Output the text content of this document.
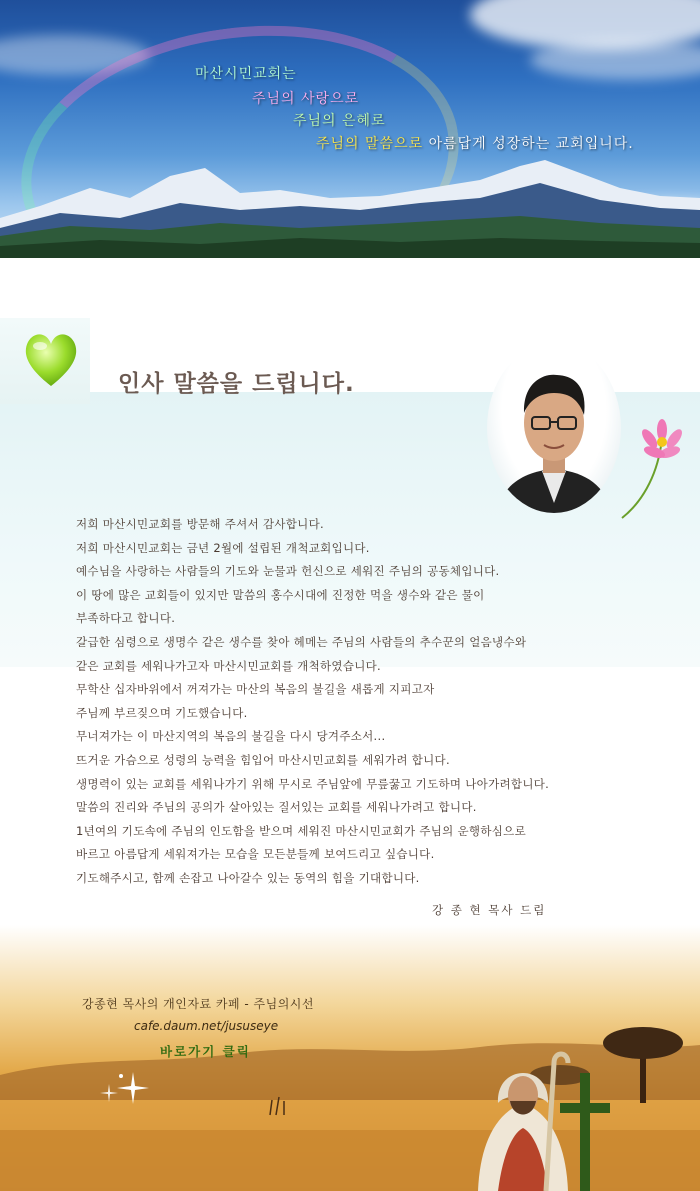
마산시민교회는
주님의 사랑으로
주님의 은혜로
주님의 말씀으로 아름답게 성장하는 교회입니다.
인사 말씀을 드립니다.
저희 마산시민교회를 방문해 주셔서 감사합니다.
저희 마산시민교회는 금년 2월에 설립된 개척교회입니다.
예수님을 사랑하는 사람들의 기도와 눈물과 헌신으로 세워진 주님의 공동체입니다.
이 땅에 많은 교회들이 있지만 말씀의 홍수시대에 진정한 먹을 생수와 같은 물이
부족하다고 합니다.
갈급한 심령으로 생명수 같은 생수를 찾아 헤메는 주님의 사람들의 추수꾼의 얼음냉수와
같은 교회를 세워나가고자 마산시민교회를 개척하였습니다.
무학산 십자바위에서 꺼져가는 마산의 복음의 불길을 새롭게 지피고자
주님께 부르짖으며 기도했습니다.
무너져가는 이 마산지역의 복음의 불길을 다시 당겨주소서...
뜨거운 가슴으로 성령의 능력을 힘입어 마산시민교회를 세워가려 합니다.
생명력이 있는 교회를 세워나가기 위해 무시로 주님앞에 무릎꿇고 기도하며 나아가려합니다.
말씀의 진리와 주님의 공의가 살아있는 질서있는 교회를 세워나가려고 합니다.
1년여의 기도속에 주님의 인도함을 받으며 세워진 마산시민교회가 주님의 운행하심으로
바르고 아름답게 세워져가는 모습을 모든분들께 보여드리고 싶습니다.
기도해주시고, 함께 손잡고 나아갈수 있는 동역의 힘을 기대합니다.
강 종 현 목사 드림
강종현 목사의 개인자료 카페 - 주님의시선
cafe.daum.net/jususeye
바로가기 클릭
